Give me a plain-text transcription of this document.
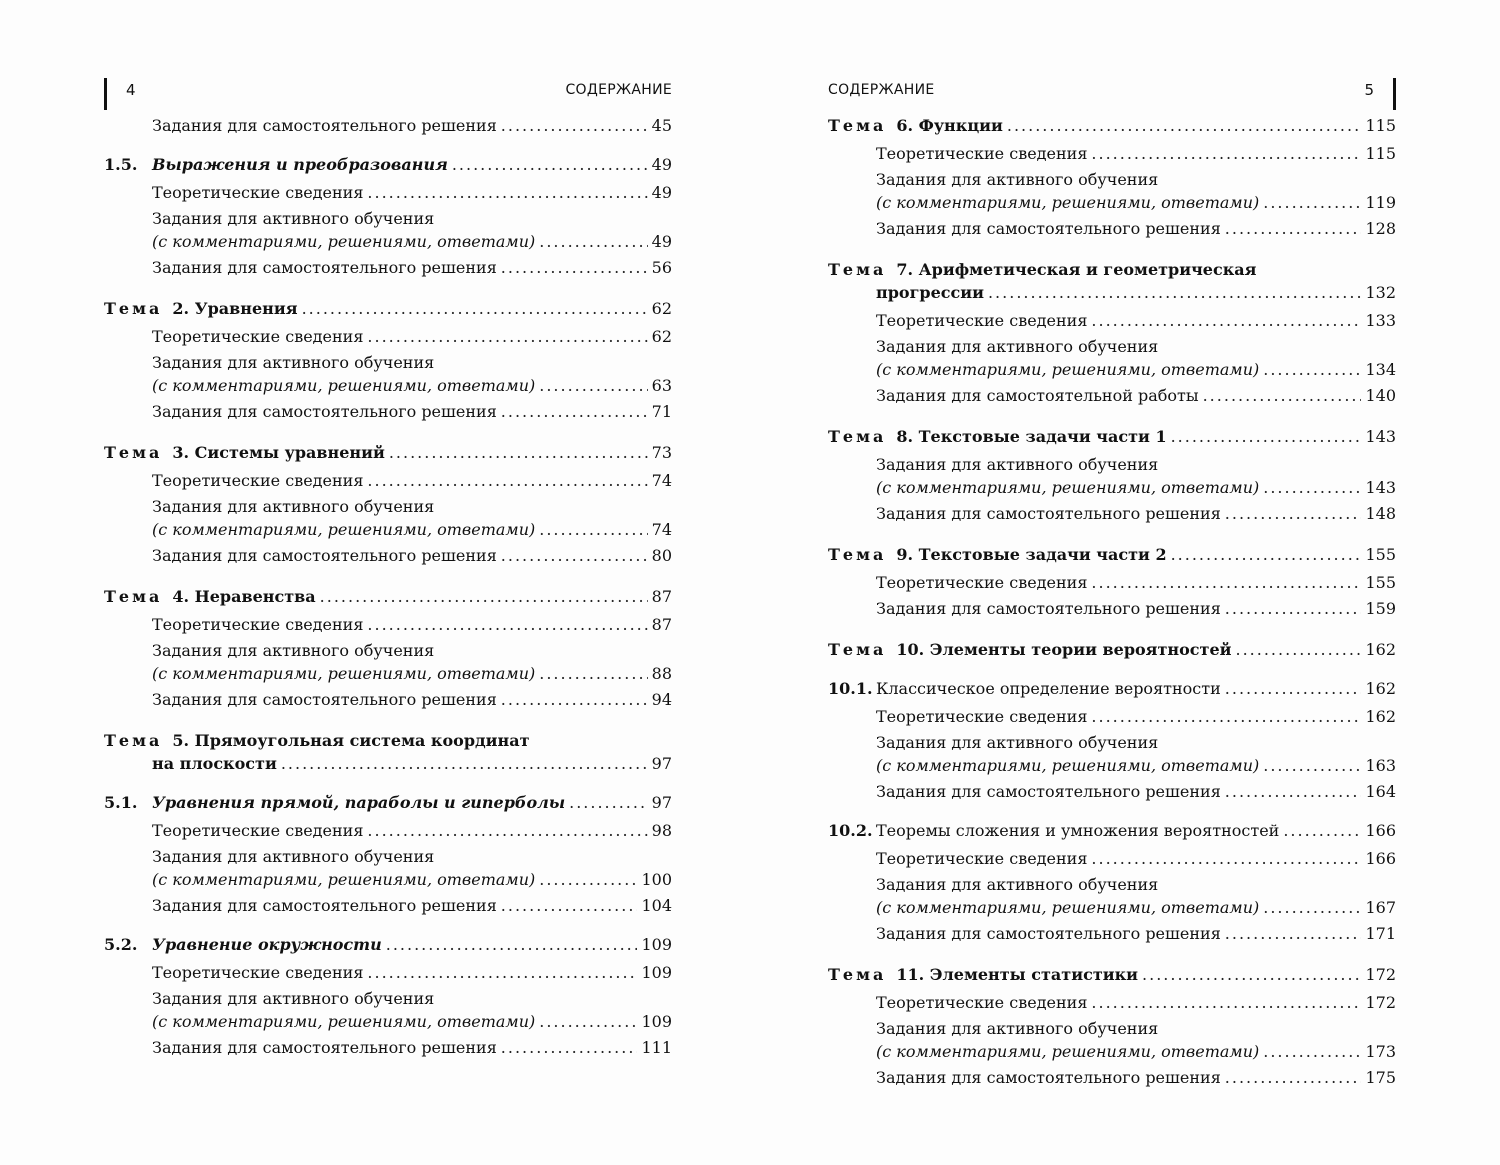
4	СОДЕРЖАНИЕ
Задания для самостоятельного решения .....	45
1.5. Выражения и преобразования .....	49
Теоретические сведения .....	49
Задания для активного обучения
(с комментариями, решениями, ответами) .....	49
Задания для самостоятельного решения .....	56
Тема 2. Уравнения .....	62
Теоретические сведения .....	62
Задания для активного обучения
(с комментариями, решениями, ответами) .....	63
Задания для самостоятельного решения .....	71
Тема 3. Системы уравнений .....	73
Теоретические сведения .....	74
Задания для активного обучения
(с комментариями, решениями, ответами) .....	74
Задания для самостоятельного решения .....	80
Тема 4. Неравенства .....	87
Теоретические сведения .....	87
Задания для активного обучения
(с комментариями, решениями, ответами) .....	88
Задания для самостоятельного решения .....	94
Тема 5. Прямоугольная система координат
на плоскости .....	97
5.1. Уравнения прямой, параболы и гиперболы .....	97
Теоретические сведения .....	98
Задания для активного обучения
(с комментариями, решениями, ответами) .....	100
Задания для самостоятельного решения .....	104
5.2. Уравнение окружности .....	109
Теоретические сведения .....	109
Задания для активного обучения
(с комментариями, решениями, ответами) .....	109
Задания для самостоятельного решения .....	111
5
СОДЕРЖАНИЕ
Тема 6. Функции .....	115
Теоретические сведения .....	115
Задания для активного обучения
(с комментариями, решениями, ответами) .....	119
Задания для самостоятельного решения .....	128
Тема 7. Арифметическая и геометрическая
прогрессии .....	132
Теоретические сведения .....	133
Задания для активного обучения
(с комментариями, решениями, ответами) .....	134
Задания для самостоятельной работы .....	140
Тема 8. Текстовые задачи части 1 .....	143
Задания для активного обучения
(с комментариями, решениями, ответами) .....	143
Задания для самостоятельного решения .....	148
Тема 9. Текстовые задачи части 2 .....	155
Теоретические сведения .....	155
Задания для самостоятельного решения .....	159
Тема 10. Элементы теории вероятностей .....	162
10.1. Классическое определение вероятности .....	162
Теоретические сведения .....	162
Задания для активного обучения
(с комментариями, решениями, ответами) .....	163
Задания для самостоятельного решения .....	164
10.2. Теоремы сложения и умножения вероятностей .....	166
Теоретические сведения .....	166
Задания для активного обучения
(с комментариями, решениями, ответами) .....	167
Задания для самостоятельного решения .....	171
Тема 11. Элементы статистики .....	172
Теоретические сведения .....	172
Задания для активного обучения
(с комментариями, решениями, ответами) .....	173
Задания для самостоятельного решения .....	175
